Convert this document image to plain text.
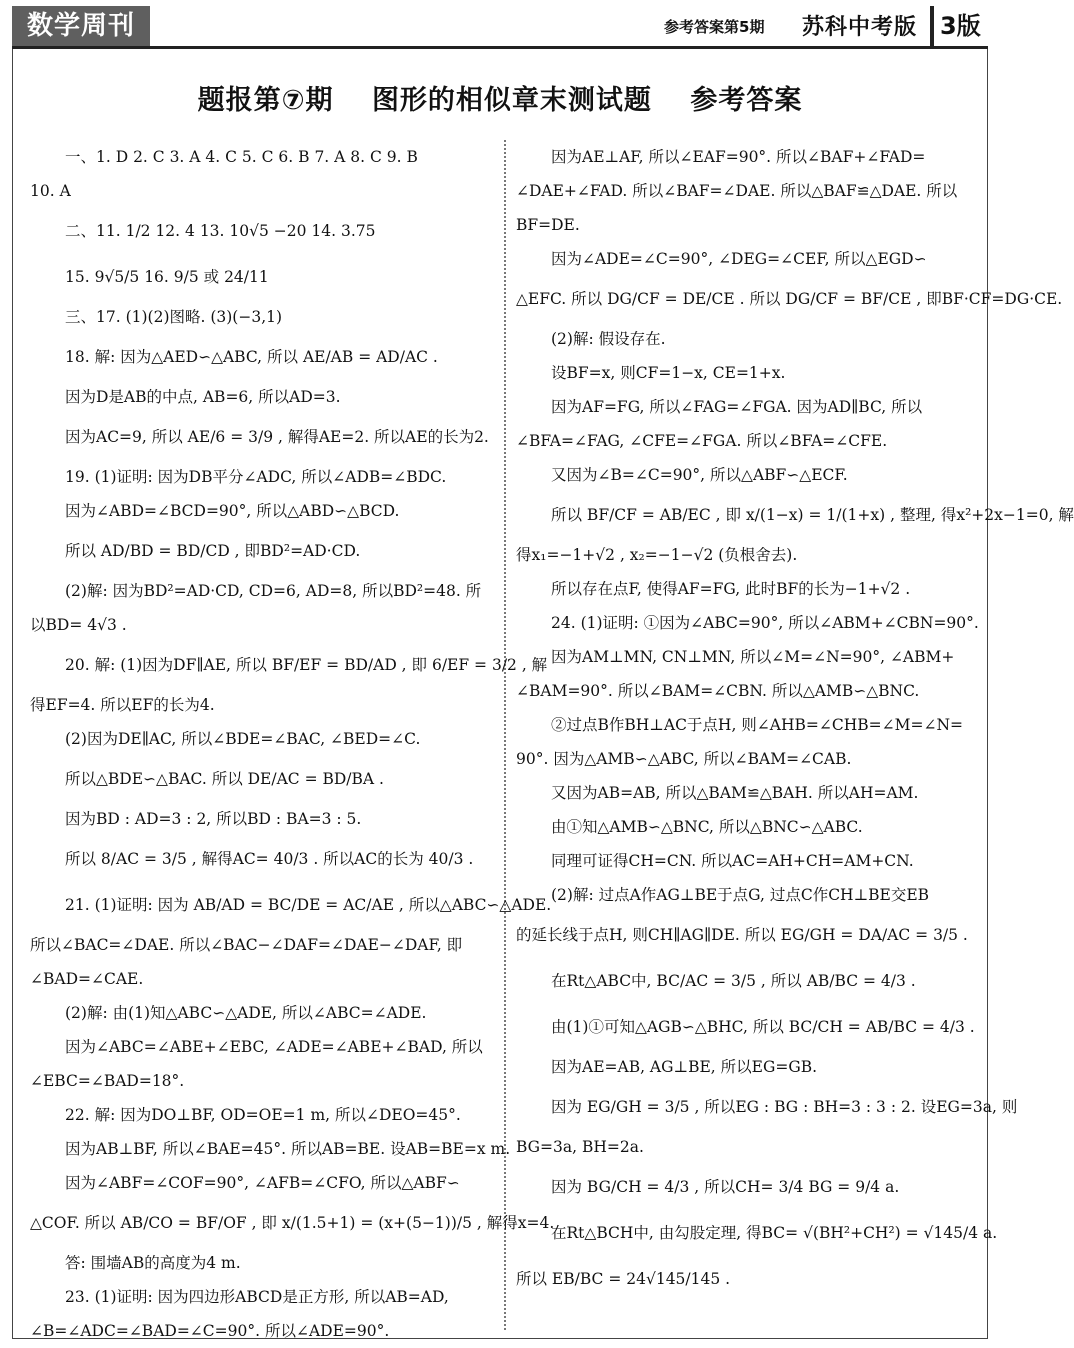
数学周刊	参考答案第5期 苏科中考版 3版
题报第⑦期 图形的相似章末测试题 参考答案
一、1. D 2. C 3. A 4. C 5. C 6. B 7. A 8. C 9. B
10. A
二、11. 1/2 12. 4 13. 10√5 −20 14. 3.75
15. 9√5/5 16. 9/5 或 24/11
三、17. (1)(2)图略. (3)(−3,1)
18. 解: 因为△AED∽△ABC, 所以 AE/AB = AD/AC .
因为D是AB的中点, AB=6, 所以AD=3.
因为AC=9, 所以 AE/6 = 3/9 , 解得AE=2. 所以AE的长为2.
19. (1)证明: 因为DB平分∠ADC, 所以∠ADB=∠BDC.
因为∠ABD=∠BCD=90°, 所以△ABD∽△BCD.
所以 AD/BD = BD/CD , 即BD²=AD·CD.
(2)解: 因为BD²=AD·CD, CD=6, AD=8, 所以BD²=48. 所
以BD= 4√3 .
20. 解: (1)因为DF∥AE, 所以 BF/EF = BD/AD , 即 6/EF = 3/2 , 解
得EF=4. 所以EF的长为4.
(2)因为DE∥AC, 所以∠BDE=∠BAC, ∠BED=∠C.
所以△BDE∽△BAC. 所以 DE/AC = BD/BA .
因为BD : AD=3 : 2, 所以BD : BA=3 : 5.
所以 8/AC = 3/5 , 解得AC= 40/3 . 所以AC的长为 40/3 .
21. (1)证明: 因为 AB/AD = BC/DE = AC/AE , 所以△ABC∽△ADE.
所以∠BAC=∠DAE. 所以∠BAC−∠DAF=∠DAE−∠DAF, 即
∠BAD=∠CAE.
(2)解: 由(1)知△ABC∽△ADE, 所以∠ABC=∠ADE.
因为∠ABC=∠ABE+∠EBC, ∠ADE=∠ABE+∠BAD, 所以
∠EBC=∠BAD=18°.
22. 解: 因为DO⊥BF, OD=OE=1 m, 所以∠DEO=45°.
因为AB⊥BF, 所以∠BAE=45°. 所以AB=BE. 设AB=BE=x m.
因为∠ABF=∠COF=90°, ∠AFB=∠CFO, 所以△ABF∽
△COF. 所以 AB/CO = BF/OF , 即 x/(1.5+1) = (x+(5−1))/5 , 解得x=4.
答: 围墙AB的高度为4 m.
23. (1)证明: 因为四边形ABCD是正方形, 所以AB=AD,
∠B=∠ADC=∠BAD=∠C=90°. 所以∠ADE=90°.
因为AE⊥AF, 所以∠EAF=90°. 所以∠BAF+∠FAD=
∠DAE+∠FAD. 所以∠BAF=∠DAE. 所以△BAF≌△DAE. 所以
BF=DE.
因为∠ADE=∠C=90°, ∠DEG=∠CEF, 所以△EGD∽
△EFC. 所以 DG/CF = DE/CE . 所以 DG/CF = BF/CE , 即BF·CF=DG·CE.
(2)解: 假设存在.
设BF=x, 则CF=1−x, CE=1+x.
因为AF=FG, 所以∠FAG=∠FGA. 因为AD∥BC, 所以
∠BFA=∠FAG, ∠CFE=∠FGA. 所以∠BFA=∠CFE.
又因为∠B=∠C=90°, 所以△ABF∽△ECF.
所以 BF/CF = AB/EC , 即 x/(1−x) = 1/(1+x) , 整理, 得x²+2x−1=0, 解
得x₁=−1+√2 , x₂=−1−√2 (负根舍去).
所以存在点F, 使得AF=FG, 此时BF的长为−1+√2 .
24. (1)证明: ①因为∠ABC=90°, 所以∠ABM+∠CBN=90°.
因为AM⊥MN, CN⊥MN, 所以∠M=∠N=90°, ∠ABM+
∠BAM=90°. 所以∠BAM=∠CBN. 所以△AMB∽△BNC.
②过点B作BH⊥AC于点H, 则∠AHB=∠CHB=∠M=∠N=
90°. 因为△AMB∽△ABC, 所以∠BAM=∠CAB.
又因为AB=AB, 所以△BAM≌△BAH. 所以AH=AM.
由①知△AMB∽△BNC, 所以△BNC∽△ABC.
同理可证得CH=CN. 所以AC=AH+CH=AM+CN.
(2)解: 过点A作AG⊥BE于点G, 过点C作CH⊥BE交EB
的延长线于点H, 则CH∥AG∥DE. 所以 EG/GH = DA/AC = 3/5 .
在Rt△ABC中, BC/AC = 3/5 , 所以 AB/BC = 4/3 .
由(1)①可知△AGB∽△BHC, 所以 BC/CH = AB/BC = 4/3 .
因为AE=AB, AG⊥BE, 所以EG=GB.
因为 EG/GH = 3/5 , 所以EG : BG : BH=3 : 3 : 2. 设EG=3a, 则
BG=3a, BH=2a.
因为 BG/CH = 4/3 , 所以CH= 3/4 BG = 9/4 a.
在Rt△BCH中, 由勾股定理, 得BC= √(BH²+CH²) = √145/4 a.
所以 EB/BC = 24√145/145 .
